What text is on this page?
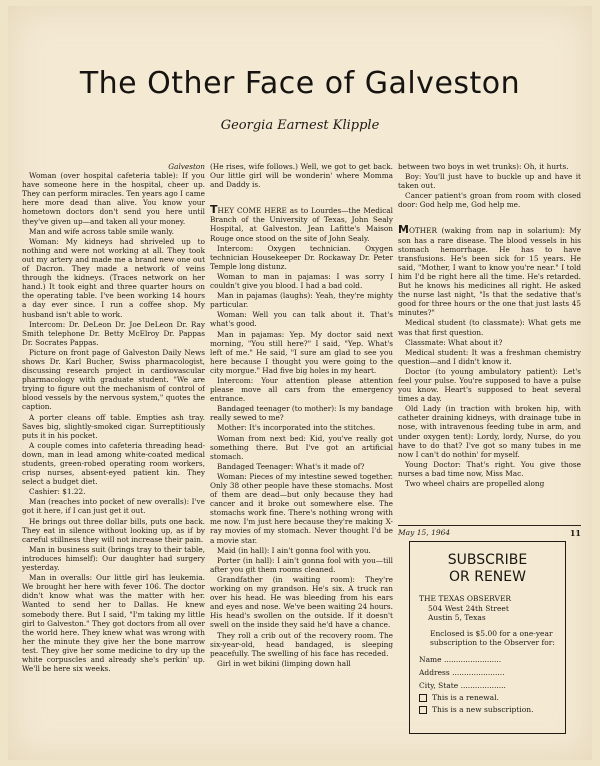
The Other Face of Galveston
Georgia Earnest Klipple
Galveston

Woman (over hospital cafeteria table): If you have someone here in the hospital, cheer up. They can perform miracles. Ten years ago I came here more dead than alive. You know your hometown doctors don't send you here until they've given up—and taken all your money.

Man and wife across table smile wanly.

Woman: My kidneys had shriveled up to nothing and were not working at all. They took out my artery and made me a brand new one out of Dacron. They made a network of veins through the kidneys. (Traces network on her hand.) It took eight and three quarter hours on the operating table. I've been working 14 hours a day ever since. I run a coffee shop. My husband isn't able to work.

Intercom: Dr. DeLeon Dr. Joe DeLeon Dr. Ray Smith telephone Dr. Betty McElroy Dr. Pappas Dr. Socrates Pappas.

Picture on front page of Galveston Daily News shows Dr. Karl Bucher, Swiss pharmacologist, discussing research project in cardiovascular pharmacology with graduate student. "We are trying to figure out the mechanism of control of blood vessels by the nervous system," quotes the caption.

A porter cleans off table. Empties ash tray. Saves big, slightly-smoked cigar. Surreptitiously puts it in his pocket.

A couple comes into cafeteria threading head-down, man in lead among white-coated medical students, green-robed operating room workers, crisp nurses, absent-eyed patient kin. They select a budget diet.

Cashier: $1.22.

Man (reaches into pocket of new overalls): I've got it here, if I can just get it out.

He brings out three dollar bills, puts one back. They eat in silence without looking up, as if by careful stillness they will not increase their pain.

Man in business suit (brings tray to their table, introduces himself): Our daughter had surgery yesterday.

Man in overalls: Our little girl has leukemia. We brought her here with fever 106. The doctor didn't know what was the matter with her. Wanted to send her to Dallas. He knew somebody there. But I said, "I'm taking my little girl to Galveston." They got doctors from all over the world here. They knew what was wrong with her the minute they give her the bone marrow test. They give her some medicine to dry up the white corpuscles and already she's perkin' up. We'll be here six weeks.

(He rises, wife follows.) Well, we got to get back. Our little girl will be wonderin' where Momma and Daddy is.

THEY COME HERE as to Lourdes—the Medical Branch of the University of Texas, John Sealy Hospital, at Galveston. Jean Lafitte's Maison Rouge once stood on the site of John Sealy.

Intercom: Oxygen technician. Oxygen technician Housekeeper Dr. Rockaway Dr. Peter Temple long distunz.

Woman to man in pajamas: I was sorry I couldn't give you blood. I had a bad cold.

Man in pajamas (laughs): Yeah, they're mighty particular.

Woman: Well you can talk about it. That's what's good.

Man in pajamas: Yep. My doctor said next morning, "You still here?" I said, "Yep. What's left of me." He said, "I sure am glad to see you here because I thought you were going to the city morgue." Had five big holes in my heart.

Intercom: Your attention please attention please move all cars from the emergency entrance.

Bandaged teenager (to mother): Is my bandage really sewed to me?

Mother: It's incorporated into the stitches.

Woman from next bed: Kid, you've really got something there. But I've got an artificial stomach.

Bandaged Teenager: What's it made of?

Woman: Pieces of my intestine sewed together. Only 38 other people have these stomachs. Most of them are dead—but only because they had cancer and it broke out somewhere else. The stomachs work fine. There's nothing wrong with me now. I'm just here because they're making X-ray movies of my stomach. Never thought I'd be a movie star.

Maid (in hall): I ain't gonna fool with you.

Porter (in hall): I ain't gonna fool with you—till after you git them rooms cleaned.

Grandfather (in waiting room): They're working on my grandson. He's six. A truck ran over his head. He was bleeding from his ears and eyes and nose. We've been waiting 24 hours. His head's swollen on the outside. If it doesn't swell on the inside they said he'd have a chance.

They roll a crib out of the recovery room. The six-year-old, head bandaged, is sleeping peacefully. The swelling of his face has receded.

Girl in wet bikini (limping down hall

between two boys in wet trunks): Oh, it hurts.

Boy: You'll just have to buckle up and have it taken out.

Cancer patient's groan from room with closed door: God help me, God help me.

MOTHER (waking from nap in solarium): My son has a rare disease. The blood vessels in his stomach hemorrhage. He has to have transfusions. He's been sick for 15 years. He said, "Mother, I want to know you're near." I told him I'd be right here all the time. He's retarded. But he knows his medicines all right. He asked the nurse last night, "Is that the sedative that's good for three hours or the one that just lasts 45 minutes?"

Medical student (to classmate): What gets me was that first question.

Classmate: What about it?

Medical student: It was a freshman chemistry question—and I didn't know it.

Doctor (to young ambulatory patient): Let's feel your pulse. You're supposed to have a pulse you know. Heart's supposed to beat several times a day.

Old Lady (in traction with broken hip, with catheter draining kidneys, with drainage tube in nose, with intravenous feeding tube in arm, and under oxygen tent): Lordy, lordy, Nurse, do you have to do that? I've got so many tubes in me now I can't do nothin' for myself.

Young Doctor: That's right. You give those nurses a bad time now, Miss Mac.

Two wheel chairs are propelled along

May 15, 1964	11
SUBSCRIBE
OR RENEW
THE TEXAS OBSERVER
504 West 24th Street
Austin 5, Texas
Enclosed is $5.00 for a one-year subscription to the Observer for:
Name ........................
Address ......................
City, State ...................
This is a renewal.
This is a new subscription.
